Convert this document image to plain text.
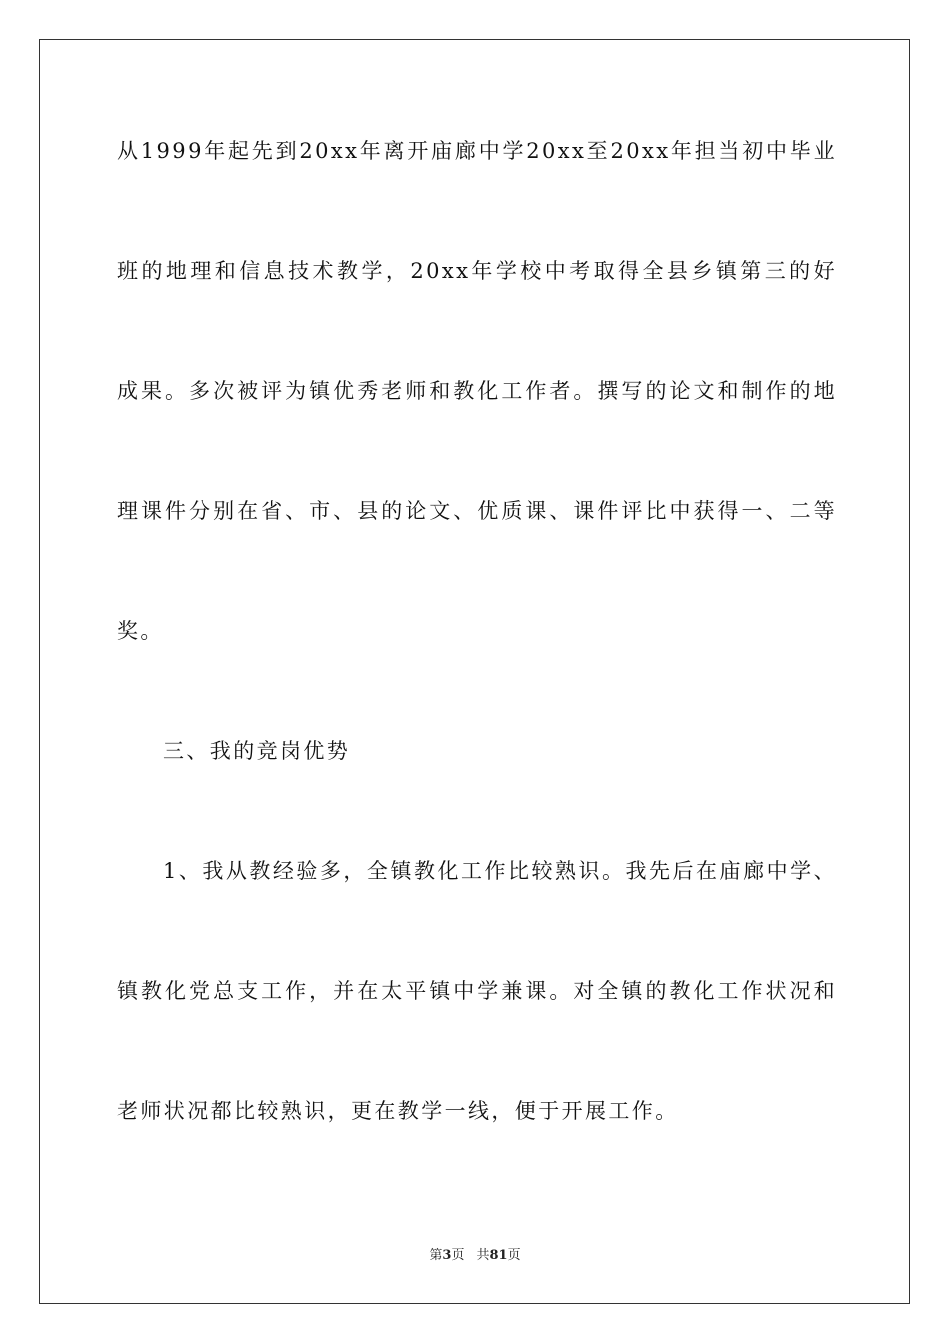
从1999年起先到20xx年离开庙廊中学20xx至20xx年担当初中毕业

班的地理和信息技术教学，20xx年学校中考取得全县乡镇第三的好

成果。多次被评为镇优秀老师和教化工作者。撰写的论文和制作的地

理课件分别在省、市、县的论文、优质课、课件评比中获得一、二等

奖。

三、我的竞岗优势

1、我从教经验多，全镇教化工作比较熟识。我先后在庙廊中学、

镇教化党总支工作，并在太平镇中学兼课。对全镇的教化工作状况和

老师状况都比较熟识，更在教学一线，便于开展工作。

第3页 共81页
